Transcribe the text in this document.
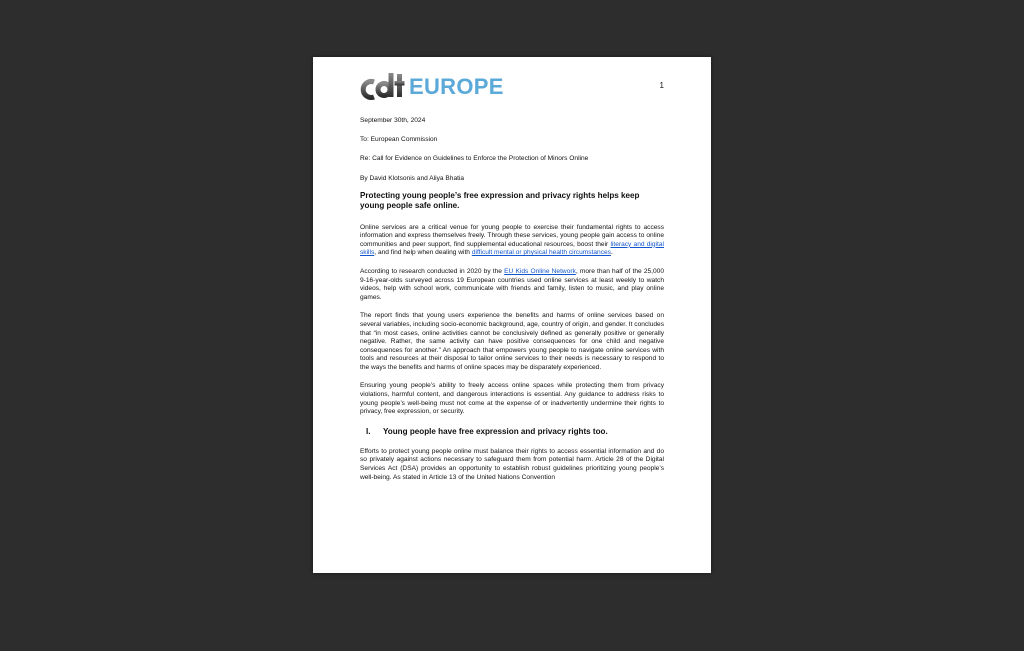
EUROPE	1

September 30th, 2024

To: European Commission

Re: Call for Evidence on Guidelines to Enforce the Protection of Minors Online

By David Klotsonis and Aliya Bhatia

Protecting young people’s free expression and privacy rights helps keep young people safe online.

Online services are a critical venue for young people to exercise their fundamental rights to access information and express themselves freely. Through these services, young people gain access to online communities and peer support, find supplemental educational resources, boost their literacy and digital skills, and find help when dealing with difficult mental or physical health circumstances.

According to research conducted in 2020 by the EU Kids Online Network, more than half of the 25,000 9-16-year-olds surveyed across 19 European countries used online services at least weekly to watch videos, help with school work, communicate with friends and family, listen to music, and play online games.

The report finds that young users experience the benefits and harms of online services based on several variables, including socio-economic background, age, country of origin, and gender. It concludes that “in most cases, online activities cannot be conclusively defined as generally positive or generally negative. Rather, the same activity can have positive consequences for one child and negative consequences for another.” An approach that empowers young people to navigate online services with tools and resources at their disposal to tailor online services to their needs is necessary to respond to the ways the benefits and harms of online spaces may be disparately experienced.

Ensuring young people’s ability to freely access online spaces while protecting them from privacy violations, harmful content, and dangerous interactions is essential. Any guidance to address risks to young people’s well-being must not come at the expense of or inadvertently undermine their rights to privacy, free expression, or security.

I.	Young people have free expression and privacy rights too.

Efforts to protect young people online must balance their rights to access essential information and do so privately against actions necessary to safeguard them from potential harm. Article 28 of the Digital Services Act (DSA) provides an opportunity to establish robust guidelines prioritizing young people’s well-being. As stated in Article 13 of the United Nations Convention
